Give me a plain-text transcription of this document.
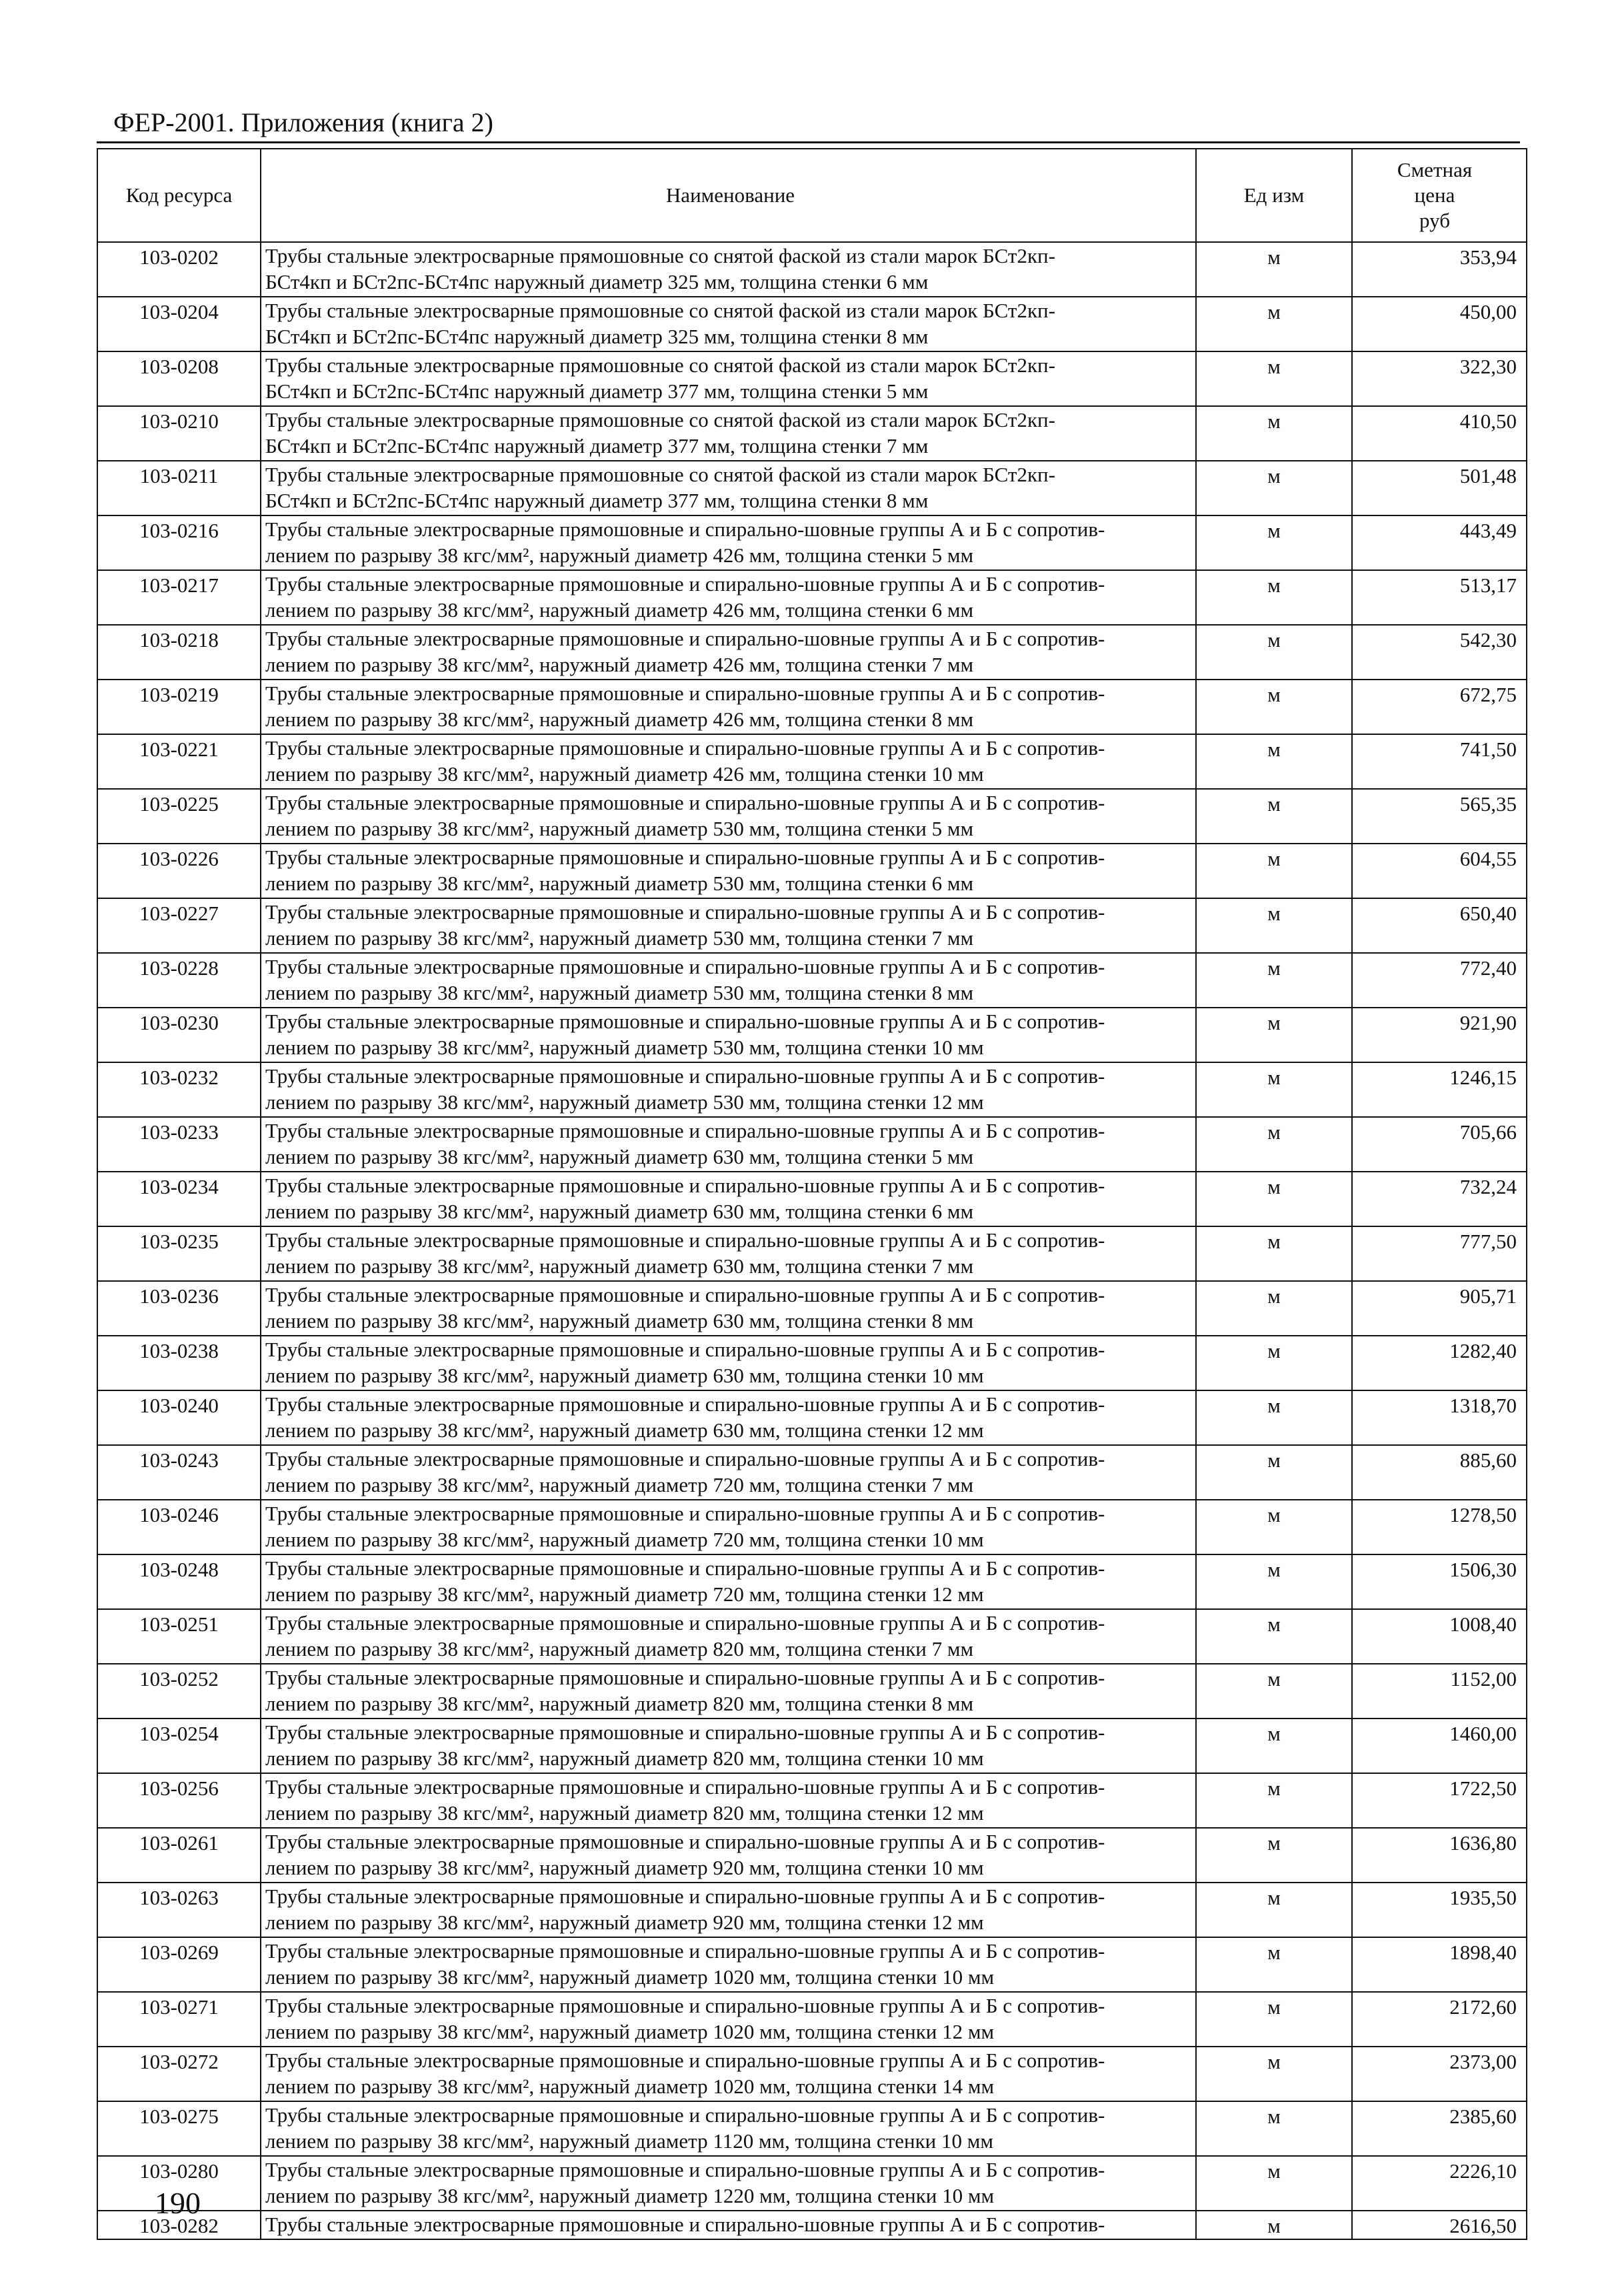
ФЕР-2001. Приложения (книга 2)
Код ресурса	Наименование	Ед изм	Сметная
цена
руб

103-0202	Трубы стальные электросварные прямошовные со снятой фаской из стали марок БСт2кп-
БСт4кп и БСт2пс-БСт4пс наружный диаметр 325 мм, толщина стенки 6 мм	м	353,94
103-0204	Трубы стальные электросварные прямошовные со снятой фаской из стали марок БСт2кп-
БСт4кп и БСт2пс-БСт4пс наружный диаметр 325 мм, толщина стенки 8 мм	м	450,00
103-0208	Трубы стальные электросварные прямошовные со снятой фаской из стали марок БСт2кп-
БСт4кп и БСт2пс-БСт4пс наружный диаметр 377 мм, толщина стенки 5 мм	м	322,30
103-0210	Трубы стальные электросварные прямошовные со снятой фаской из стали марок БСт2кп-
БСт4кп и БСт2пс-БСт4пс наружный диаметр 377 мм, толщина стенки 7 мм	м	410,50
103-0211	Трубы стальные электросварные прямошовные со снятой фаской из стали марок БСт2кп-
БСт4кп и БСт2пс-БСт4пс наружный диаметр 377 мм, толщина стенки 8 мм	м	501,48
103-0216	Трубы стальные электросварные прямошовные и спирально-шовные группы А и Б с сопротив-
лением по разрыву 38 кгс/мм², наружный диаметр 426 мм, толщина стенки 5 мм	м	443,49
103-0217	Трубы стальные электросварные прямошовные и спирально-шовные группы А и Б с сопротив-
лением по разрыву 38 кгс/мм², наружный диаметр 426 мм, толщина стенки 6 мм	м	513,17
103-0218	Трубы стальные электросварные прямошовные и спирально-шовные группы А и Б с сопротив-
лением по разрыву 38 кгс/мм², наружный диаметр 426 мм, толщина стенки 7 мм	м	542,30
103-0219	Трубы стальные электросварные прямошовные и спирально-шовные группы А и Б с сопротив-
лением по разрыву 38 кгс/мм², наружный диаметр 426 мм, толщина стенки 8 мм	м	672,75
103-0221	Трубы стальные электросварные прямошовные и спирально-шовные группы А и Б с сопротив-
лением по разрыву 38 кгс/мм², наружный диаметр 426 мм, толщина стенки 10 мм	м	741,50
103-0225	Трубы стальные электросварные прямошовные и спирально-шовные группы А и Б с сопротив-
лением по разрыву 38 кгс/мм², наружный диаметр 530 мм, толщина стенки 5 мм	м	565,35
103-0226	Трубы стальные электросварные прямошовные и спирально-шовные группы А и Б с сопротив-
лением по разрыву 38 кгс/мм², наружный диаметр 530 мм, толщина стенки 6 мм	м	604,55
103-0227	Трубы стальные электросварные прямошовные и спирально-шовные группы А и Б с сопротив-
лением по разрыву 38 кгс/мм², наружный диаметр 530 мм, толщина стенки 7 мм	м	650,40
103-0228	Трубы стальные электросварные прямошовные и спирально-шовные группы А и Б с сопротив-
лением по разрыву 38 кгс/мм², наружный диаметр 530 мм, толщина стенки 8 мм	м	772,40
103-0230	Трубы стальные электросварные прямошовные и спирально-шовные группы А и Б с сопротив-
лением по разрыву 38 кгс/мм², наружный диаметр 530 мм, толщина стенки 10 мм	м	921,90
103-0232	Трубы стальные электросварные прямошовные и спирально-шовные группы А и Б с сопротив-
лением по разрыву 38 кгс/мм², наружный диаметр 530 мм, толщина стенки 12 мм	м	1246,15
103-0233	Трубы стальные электросварные прямошовные и спирально-шовные группы А и Б с сопротив-
лением по разрыву 38 кгс/мм², наружный диаметр 630 мм, толщина стенки 5 мм	м	705,66
103-0234	Трубы стальные электросварные прямошовные и спирально-шовные группы А и Б с сопротив-
лением по разрыву 38 кгс/мм², наружный диаметр 630 мм, толщина стенки 6 мм	м	732,24
103-0235	Трубы стальные электросварные прямошовные и спирально-шовные группы А и Б с сопротив-
лением по разрыву 38 кгс/мм², наружный диаметр 630 мм, толщина стенки 7 мм	м	777,50
103-0236	Трубы стальные электросварные прямошовные и спирально-шовные группы А и Б с сопротив-
лением по разрыву 38 кгс/мм², наружный диаметр 630 мм, толщина стенки 8 мм	м	905,71
103-0238	Трубы стальные электросварные прямошовные и спирально-шовные группы А и Б с сопротив-
лением по разрыву 38 кгс/мм², наружный диаметр 630 мм, толщина стенки 10 мм	м	1282,40
103-0240	Трубы стальные электросварные прямошовные и спирально-шовные группы А и Б с сопротив-
лением по разрыву 38 кгс/мм², наружный диаметр 630 мм, толщина стенки 12 мм	м	1318,70
103-0243	Трубы стальные электросварные прямошовные и спирально-шовные группы А и Б с сопротив-
лением по разрыву 38 кгс/мм², наружный диаметр 720 мм, толщина стенки 7 мм	м	885,60
103-0246	Трубы стальные электросварные прямошовные и спирально-шовные группы А и Б с сопротив-
лением по разрыву 38 кгс/мм², наружный диаметр 720 мм, толщина стенки 10 мм	м	1278,50
103-0248	Трубы стальные электросварные прямошовные и спирально-шовные группы А и Б с сопротив-
лением по разрыву 38 кгс/мм², наружный диаметр 720 мм, толщина стенки 12 мм	м	1506,30
103-0251	Трубы стальные электросварные прямошовные и спирально-шовные группы А и Б с сопротив-
лением по разрыву 38 кгс/мм², наружный диаметр 820 мм, толщина стенки 7 мм	м	1008,40
103-0252	Трубы стальные электросварные прямошовные и спирально-шовные группы А и Б с сопротив-
лением по разрыву 38 кгс/мм², наружный диаметр 820 мм, толщина стенки 8 мм	м	1152,00
103-0254	Трубы стальные электросварные прямошовные и спирально-шовные группы А и Б с сопротив-
лением по разрыву 38 кгс/мм², наружный диаметр 820 мм, толщина стенки 10 мм	м	1460,00
103-0256	Трубы стальные электросварные прямошовные и спирально-шовные группы А и Б с сопротив-
лением по разрыву 38 кгс/мм², наружный диаметр 820 мм, толщина стенки 12 мм	м	1722,50
103-0261	Трубы стальные электросварные прямошовные и спирально-шовные группы А и Б с сопротив-
лением по разрыву 38 кгс/мм², наружный диаметр 920 мм, толщина стенки 10 мм	м	1636,80
103-0263	Трубы стальные электросварные прямошовные и спирально-шовные группы А и Б с сопротив-
лением по разрыву 38 кгс/мм², наружный диаметр 920 мм, толщина стенки 12 мм	м	1935,50
103-0269	Трубы стальные электросварные прямошовные и спирально-шовные группы А и Б с сопротив-
лением по разрыву 38 кгс/мм², наружный диаметр 1020 мм, толщина стенки 10 мм	м	1898,40
103-0271	Трубы стальные электросварные прямошовные и спирально-шовные группы А и Б с сопротив-
лением по разрыву 38 кгс/мм², наружный диаметр 1020 мм, толщина стенки 12 мм	м	2172,60
103-0272	Трубы стальные электросварные прямошовные и спирально-шовные группы А и Б с сопротив-
лением по разрыву 38 кгс/мм², наружный диаметр 1020 мм, толщина стенки 14 мм	м	2373,00
103-0275	Трубы стальные электросварные прямошовные и спирально-шовные группы А и Б с сопротив-
лением по разрыву 38 кгс/мм², наружный диаметр 1120 мм, толщина стенки 10 мм	м	2385,60
103-0280	Трубы стальные электросварные прямошовные и спирально-шовные группы А и Б с сопротив-
лением по разрыву 38 кгс/мм², наружный диаметр 1220 мм, толщина стенки 10 мм	м	2226,10
103-0282	Трубы стальные электросварные прямошовные и спирально-шовные группы А и Б с сопротив-	м	2616,50
190
